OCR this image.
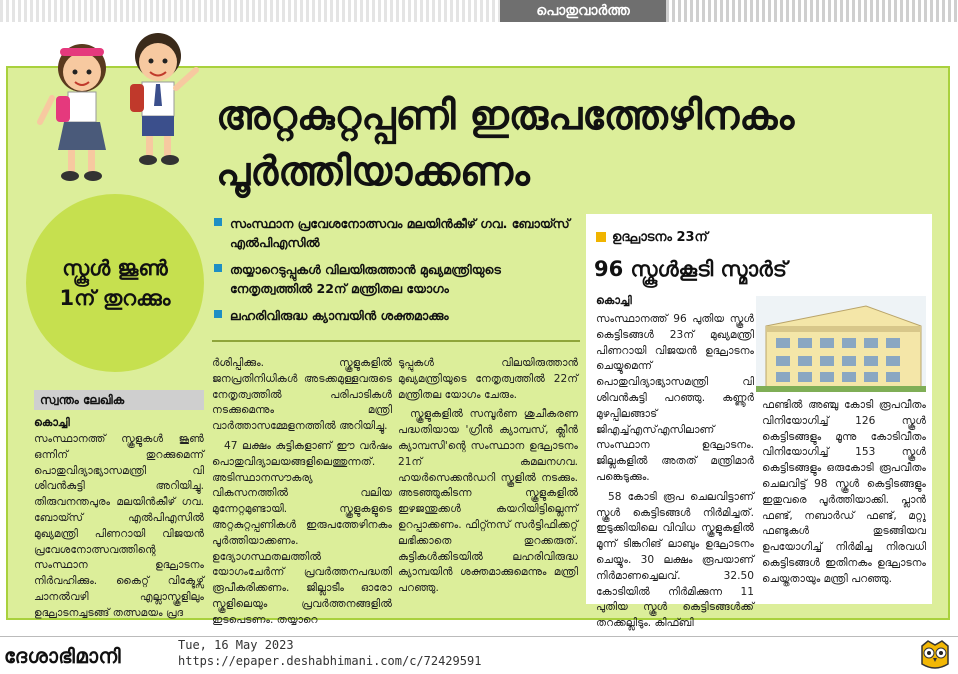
പൊതുവാർത്ത
അറ്റകുറ്റപ്പണി ഇരുപത്തേഴിനകം പൂർത്തിയാക്കണം
സ്കൂൾ ജൂൺ 1ന് തുറക്കും
സംസ്ഥാന പ്രവേശനോത്സവം മലയിൻകീഴ് ഗവ. ബോയ്സ് എൽപിഎസിൽ
തയ്യാറെടുപ്പുകൾ വിലയിരുത്താൻ മുഖ്യമന്ത്രിയുടെ നേതൃത്വത്തിൽ 22ന് മന്ത്രിതല യോഗം
ലഹരിവിരുദ്ധ ക്യാമ്പയിൻ ശക്തമാക്കും
സ്വന്തം ലേഖിക
കൊച്ചി

സംസ്ഥാനത്ത് സ്കൂളുകൾ ജൂൺ ഒന്നിന് തുറക്കുമെന്ന് പൊതുവിദ്യാഭ്യാസമന്ത്രി വി ശിവൻകുട്ടി അറിയിച്ചു. തിരുവനന്തപുരം മലയിൻകീഴ് ഗവ. ബോയ്സ് എൽപിഎസിൽ മുഖ്യമന്ത്രി പിണറായി വിജയൻ പ്രവേശനോത്സവത്തിന്റെ സംസ്ഥാന ഉദ്ഘാടനം നിർവഹിക്കും. കൈറ്റ് വിക്ടേഴ്സ് ചാനൽവഴി എല്ലാസ്കൂളിലും ഉദ്ഘാടനച്ചടങ്ങ് തത്സമയം പ്രദ

ർശിപ്പിക്കും. സ്കൂളുകളിൽ ജനപ്രതിനിധികൾ അടക്കമുള്ളവരുടെ നേതൃത്വത്തിൽ പരിപാടികൾ നടക്കുമെന്നും മന്ത്രി വാർത്താസമ്മേളനത്തിൽ അറിയിച്ചു.

47 ലക്ഷം കുട്ടികളാണ് ഈ വർഷം പൊതുവിദ്യാലയങ്ങളിലെത്തുന്നത്. അടിസ്ഥാനസൗകര്യ വികസനത്തിൽ വലിയ മുന്നേറ്റമുണ്ടായി. സ്കൂളുകളുടെ അറ്റകുറ്റപ്പണികൾ ഇരുപത്തേഴിനകം പൂർത്തിയാക്കണം. ഉദ്യോഗസ്ഥതലത്തിൽ യോഗംചേർന്ന് പ്രവർത്തനപദ്ധതി രൂപീകരിക്കണം. ജില്ലാടീം ഓരോ സ്കൂളിലെയും പ്രവർത്തനങ്ങളിൽ ഇടപെടണം. തയ്യാറെ

ടുപ്പുകൾ വിലയിരുത്താൻ മുഖ്യമന്ത്രിയുടെ നേതൃത്വത്തിൽ 22ന് മന്ത്രിതല യോഗം ചേരും.

സ്കൂളുകളിൽ സമ്പൂർണ ശുചീകരണ പദ്ധതിയായ 'ഗ്രീൻ ക്യാമ്പസ്, ക്ലീൻ ക്യാമ്പസി'ന്റെ സംസ്ഥാന ഉദ്ഘാടനം 21ന് കമലനഗവ. ഹയർസെക്കൻഡറി സ്കൂളിൽ നടക്കും. അടഞ്ഞുകിടന്ന സ്കൂളുകളിൽ ഇഴജന്തുക്കൾ കയറിയിട്ടില്ലെന്ന് ഉറപ്പാക്കണം. ഫിറ്റ്നസ് സർട്ടിഫിക്കറ്റ് ലഭിക്കാതെ തുറക്കരുത്. കുട്ടികൾക്കിടയിൽ ലഹരിവിരുദ്ധ ക്യാമ്പയിൻ ശക്തമാക്കുമെന്നും മന്ത്രി പറഞ്ഞു.

ഉദ്ഘാടനം 23ന്
96 സ്കൂൾകൂടി സ്മാർട്
കൊച്ചി

സംസ്ഥാനത്ത് 96 പുതിയ സ്കൂൾ കെട്ടിടങ്ങൾ 23ന് മുഖ്യമന്ത്രി പിണറായി വിജയൻ ഉദ്ഘാടനം ചെയ്യുമെന്ന് പൊതുവിദ്യാഭ്യാസമന്ത്രി വി ശിവൻകുട്ടി പറഞ്ഞു. കണ്ണൂർ മുഴപ്പിലങ്ങാട് ജിഎച്ച്എസ്എസിലാണ് സംസ്ഥാന ഉദ്ഘാടനം. ജില്ലകളിൽ അതത് മന്ത്രിമാർ പങ്കെടുക്കും.

58 കോടി രൂപ ചെലവിട്ടാണ് സ്കൂൾ കെട്ടിടങ്ങൾ നിർമിച്ചത്. ഇടുക്കിയിലെ വിവിധ സ്കൂളുകളിൽ മൂന്ന് ടിങ്കറിങ് ലാബും ഉദ്ഘാടനം ചെയ്യും. 30 ലക്ഷം രൂപയാണ് നിർമാണച്ചെലവ്. 32.50 കോടിയിൽ നിർമിക്കുന്ന 11 പുതിയ സ്കൂൾ കെട്ടിടങ്ങൾക്ക് തറക്കല്ലിടും. കിഫ്ബി

ഫണ്ടിൽ അഞ്ചു കോടി രൂപവീതം വിനിയോഗിച്ച് 126 സ്കൂൾ കെട്ടിടങ്ങളും മൂന്നു കോടിവീതം വിനിയോഗിച്ച് 153 സ്കൂൾ കെട്ടിടങ്ങളും ഒരുകോടി രൂപവീതം ചെലവിട്ട് 98 സ്കൂൾ കെട്ടിടങ്ങളും ഇതുവരെ പൂർത്തിയാക്കി. പ്ലാൻ ഫണ്ട്, നബാർഡ് ഫണ്ട്, മറ്റു ഫണ്ടുകൾ തുടങ്ങിയവ ഉപയോഗിച്ച് നിർമിച്ച നിരവധി കെട്ടിടങ്ങൾ ഇതിനകം ഉദ്ഘാടനം ചെയ്തതായും മന്ത്രി പറഞ്ഞു.

ദേശാഭിമാനി	Tue, 16 May 2023
https://epaper.deshabhimani.com/c/72429591
